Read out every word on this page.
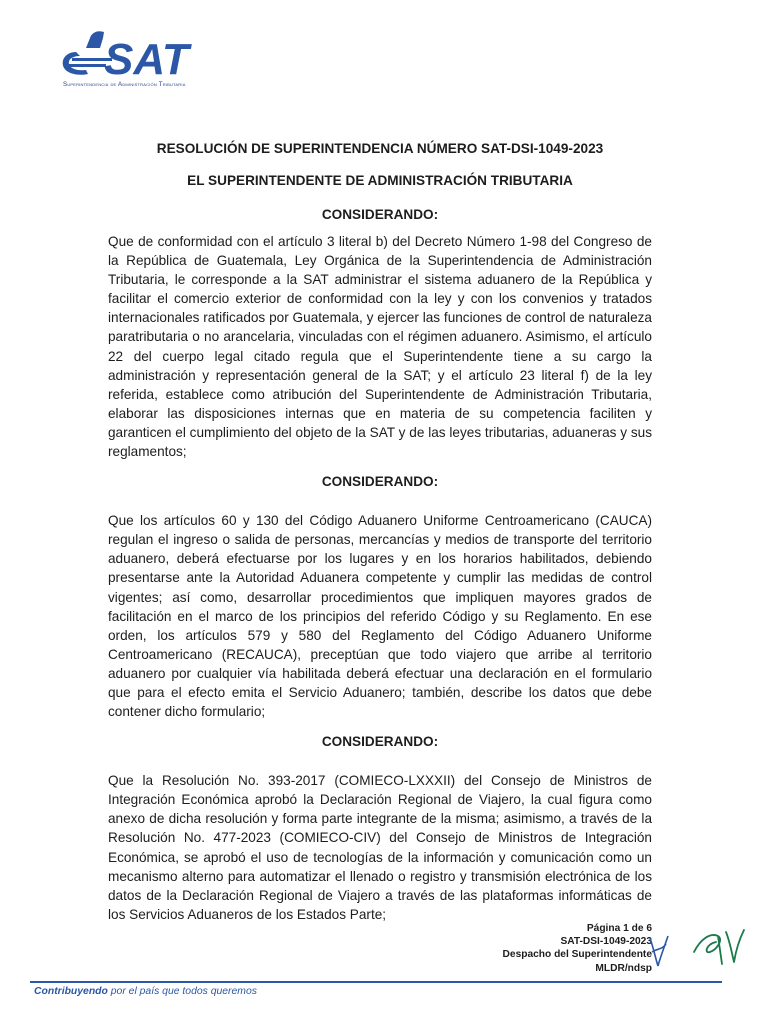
SAT
Superintendencia de Administración Tributaria
RESOLUCIÓN DE SUPERINTENDENCIA NÚMERO SAT-DSI-1049-2023
EL SUPERINTENDENTE DE ADMINISTRACIÓN TRIBUTARIA
CONSIDERANDO:

Que de conformidad con el artículo 3 literal b) del Decreto Número 1-98 del Congreso de la República de Guatemala, Ley Orgánica de la Superintendencia de Administración Tributaria, le corresponde a la SAT administrar el sistema aduanero de la República y facilitar el comercio exterior de conformidad con la ley y con los convenios y tratados internacionales ratificados por Guatemala, y ejercer las funciones de control de naturaleza paratributaria o no arancelaria, vinculadas con el régimen aduanero. Asimismo, el artículo 22 del cuerpo legal citado regula que el Superintendente tiene a su cargo la administración y representación general de la SAT; y el artículo 23 literal f) de la ley referida, establece como atribución del Superintendente de Administración Tributaria, elaborar las disposiciones internas que en materia de su competencia faciliten y garanticen el cumplimiento del objeto de la SAT y de las leyes tributarias, aduaneras y sus reglamentos;

CONSIDERANDO:

Que los artículos 60 y 130 del Código Aduanero Uniforme Centroamericano (CAUCA) regulan el ingreso o salida de personas, mercancías y medios de transporte del territorio aduanero, deberá efectuarse por los lugares y en los horarios habilitados, debiendo presentarse ante la Autoridad Aduanera competente y cumplir las medidas de control vigentes; así como, desarrollar procedimientos que impliquen mayores grados de facilitación en el marco de los principios del referido Código y su Reglamento. En ese orden, los artículos 579 y 580 del Reglamento del Código Aduanero Uniforme Centroamericano (RECAUCA), preceptúan que todo viajero que arribe al territorio aduanero por cualquier vía habilitada deberá efectuar una declaración en el formulario que para el efecto emita el Servicio Aduanero; también, describe los datos que debe contener dicho formulario;

CONSIDERANDO:

Que la Resolución No. 393-2017 (COMIECO-LXXXII) del Consejo de Ministros de Integración Económica aprobó la Declaración Regional de Viajero, la cual figura como anexo de dicha resolución y forma parte integrante de la misma; asimismo, a través de la Resolución No. 477-2023 (COMIECO-CIV) del Consejo de Ministros de Integración Económica, se aprobó el uso de tecnologías de la información y comunicación como un mecanismo alterno para automatizar el llenado o registro y transmisión electrónica de los datos de la Declaración Regional de Viajero a través de las plataformas informáticas de los Servicios Aduaneros de los Estados Parte;

Página 1 de 6
SAT-DSI-1049-2023
Despacho del Superintendente
MLDR/ndsp
Contribuyendo por el país que todos queremos
